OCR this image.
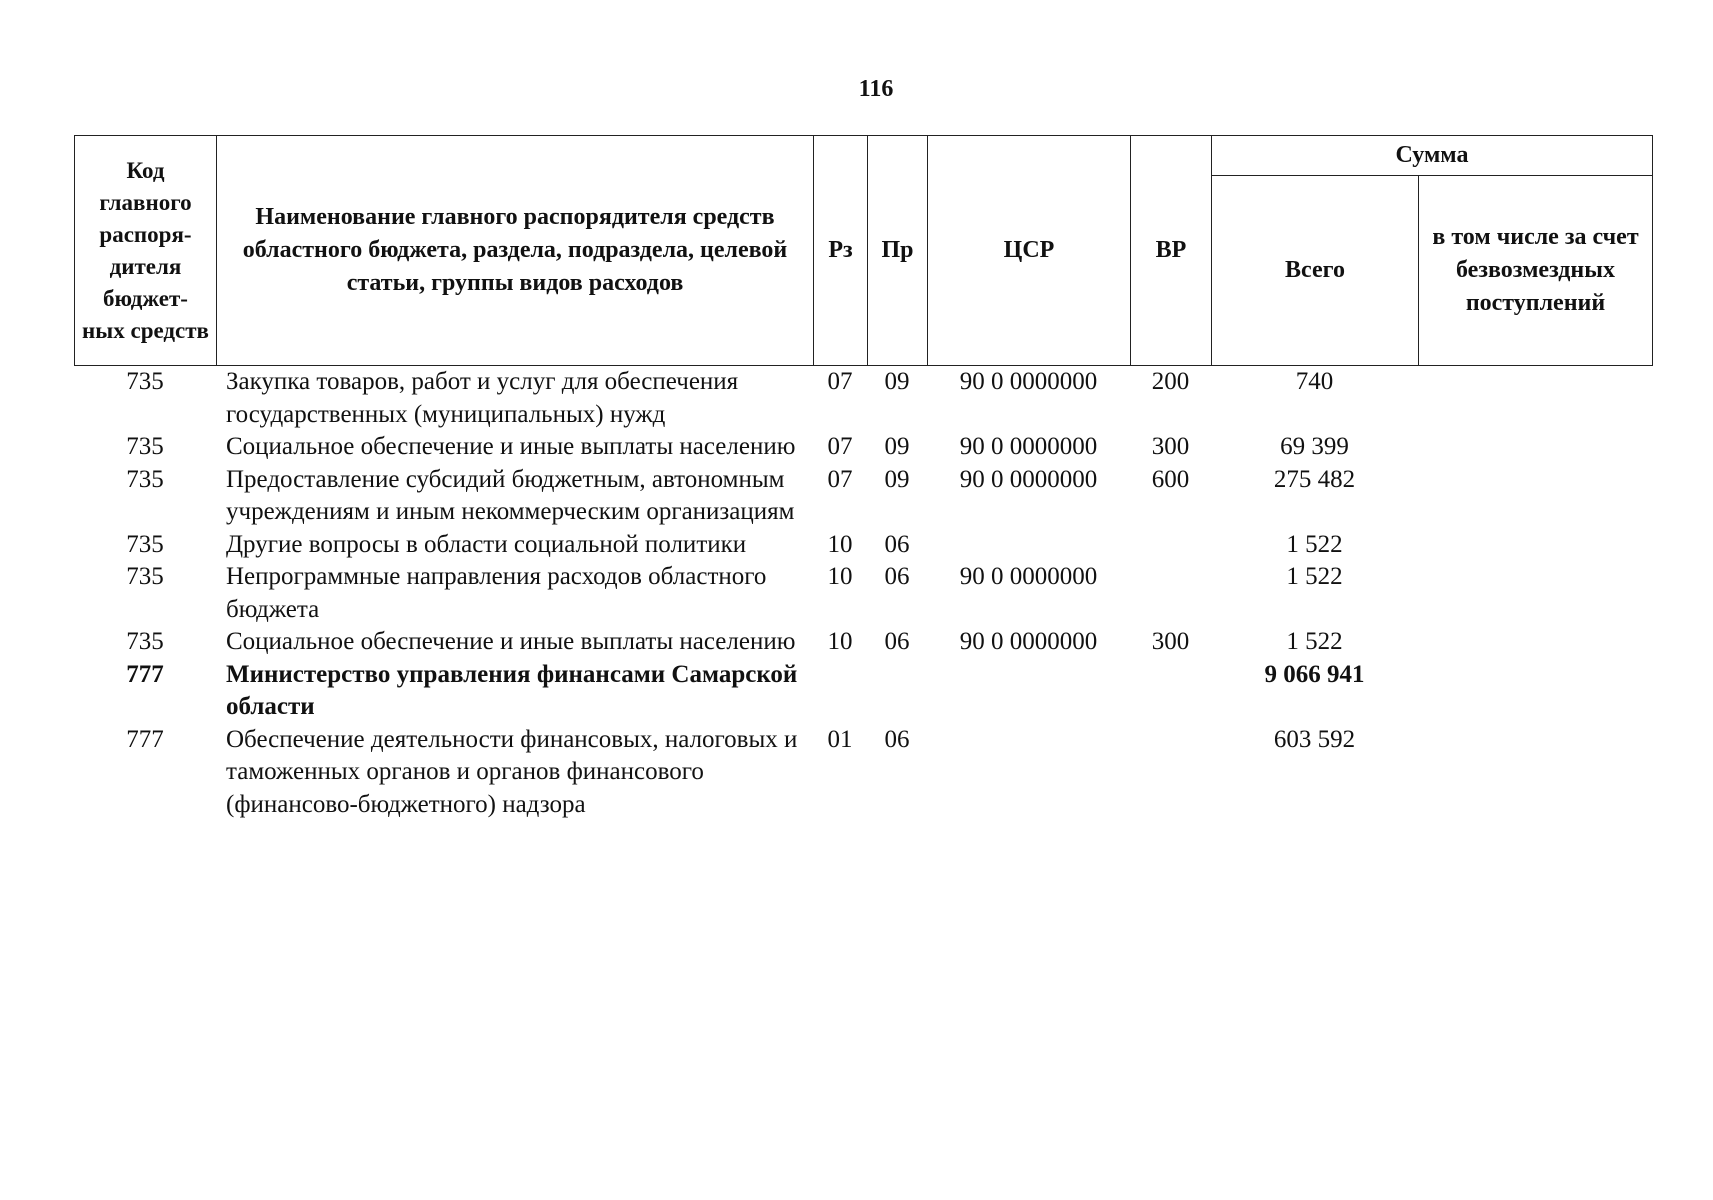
116
Код главного распоря- дителя бюджет- ных средств	Наименование главного распорядителя средств областного бюджета, раздела, подраздела, целевой статьи, группы видов расходов	Рз	Пр	ЦСР	ВР	Сумма	
						Всего	в том числе за счет безвозмездных поступлений
735	Закупка товаров, работ и услуг для обеспечения государственных (муниципальных) нужд	07	09	90 0 0000000	200	740	
735	Социальное обеспечение и иные выплаты населению	07	09	90 0 0000000	300	69 399	
735	Предоставление субсидий бюджетным, автономным учреждениям и иным некоммерческим организациям	07	09	90 0 0000000	600	275 482	
735	Другие вопросы в области социальной политики	10	06			1 522	
735	Непрограммные направления расходов областного бюджета	10	06	90 0 0000000		1 522	
735	Социальное обеспечение и иные выплаты населению	10	06	90 0 0000000	300	1 522	
777	Министерство управления финансами Самарской области					9 066 941	
777	Обеспечение деятельности финансовых, налоговых и таможенных органов и органов финансового (финансово-бюджетного) надзора	01	06			603 592	
